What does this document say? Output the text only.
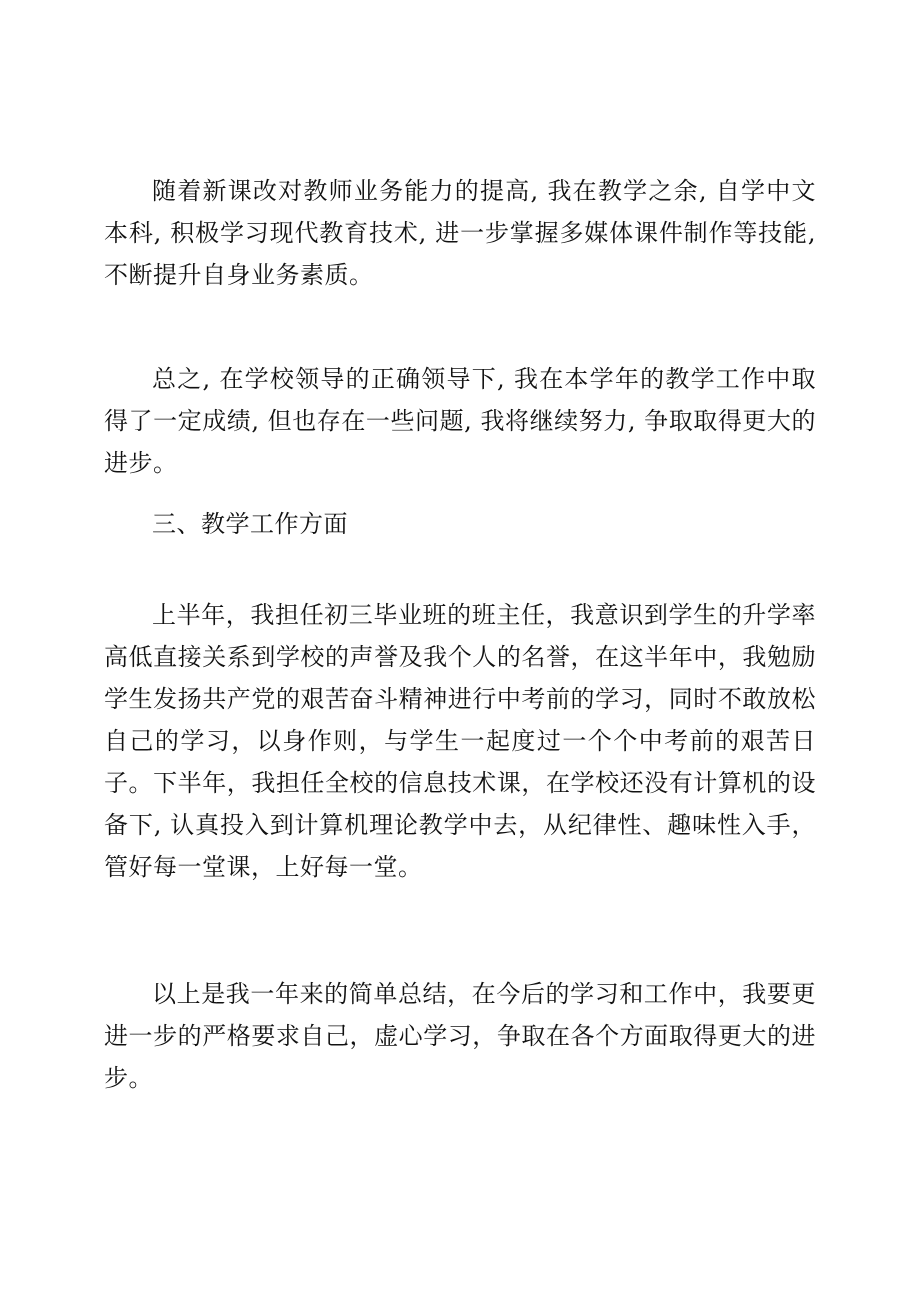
随着新课改对教师业务能力的提高, 我在教学之余, 自学中文本科, 积极学习现代教育技术, 进一步掌握多媒体课件制作等技能, 不断提升自身业务素质。

总之, 在学校领导的正确领导下, 我在本学年的教学工作中取得了一定成绩, 但也存在一些问题, 我将继续努力, 争取取得更大的进步。

三、教学工作方面

上半年，我担任初三毕业班的班主任，我意识到学生的升学率高低直接关系到学校的声誉及我个人的名誉，在这半年中，我勉励学生发扬共产党的艰苦奋斗精神进行中考前的学习，同时不敢放松自己的学习，以身作则，与学生一起度过一个个中考前的艰苦日子。下半年，我担任全校的信息技术课，在学校还没有计算机的设备下, 认真投入到计算机理论教学中去，从纪律性、趣味性入手，管好每一堂课，上好每一堂。

以上是我一年来的简单总结，在今后的学习和工作中，我要更进一步的严格要求自己，虚心学习，争取在各个方面取得更大的进步。
